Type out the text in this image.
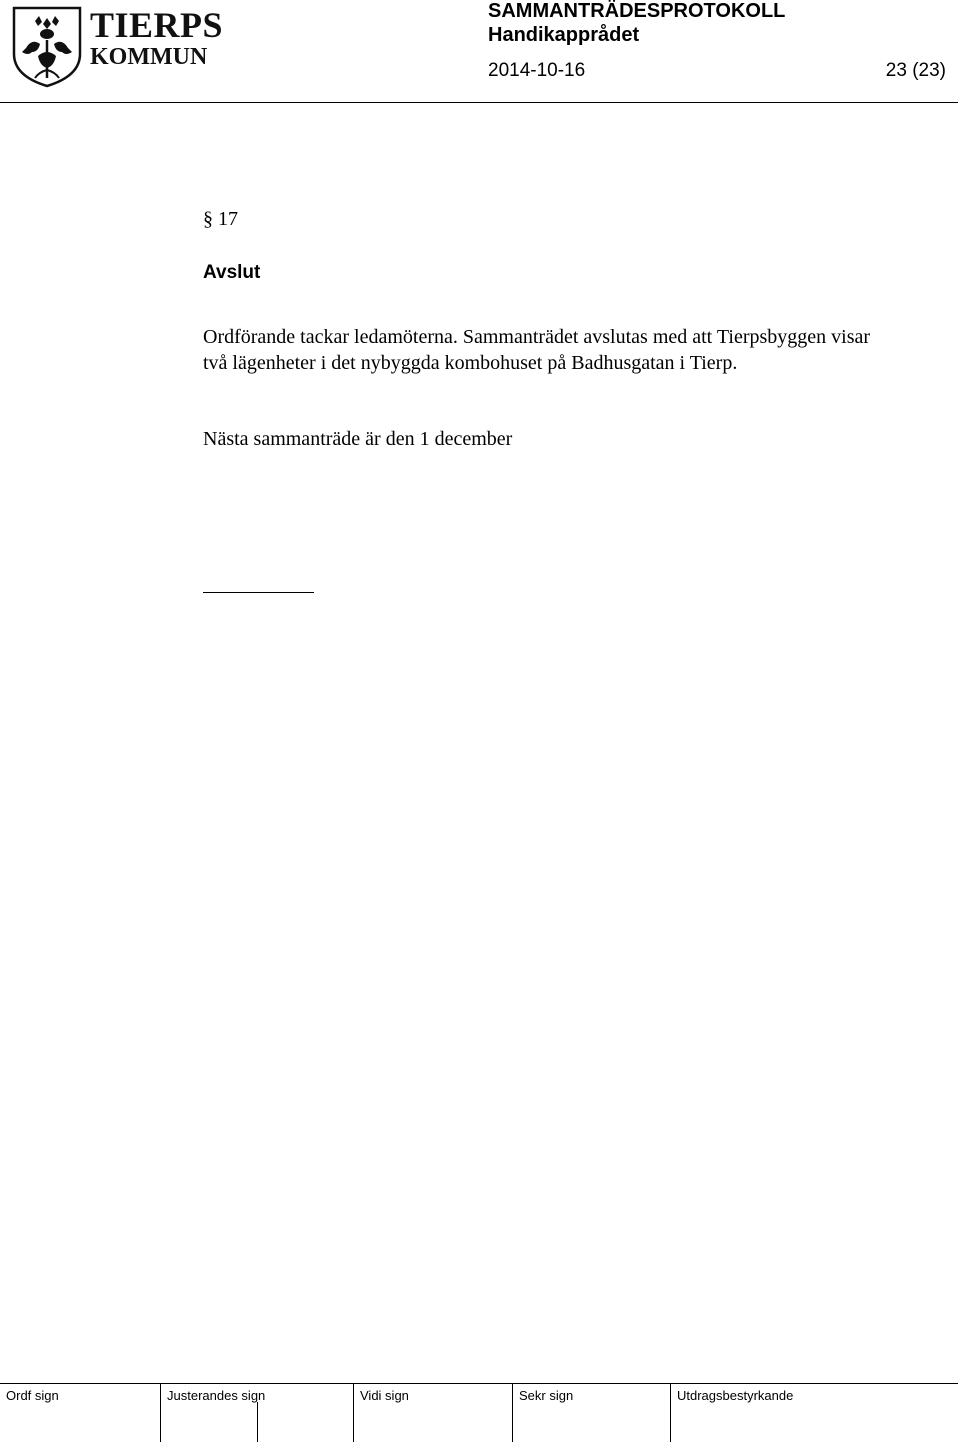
TIERPS
KOMMUN
SAMMANTRÄDESPROTOKOLL
Handikapprådet
2014-10-16	23 (23)
§ 17
Avslut
Ordförande tackar ledamöterna. Sammanträdet avslutas med att Tierpsbyggen visar två lägenheter i det nybyggda kombohuset på Badhusgatan i Tierp.
Nästa sammanträde är den 1 december
Ordf sign	Justerandes sign	Vidi sign	Sekr sign	Utdragsbestyrkande
